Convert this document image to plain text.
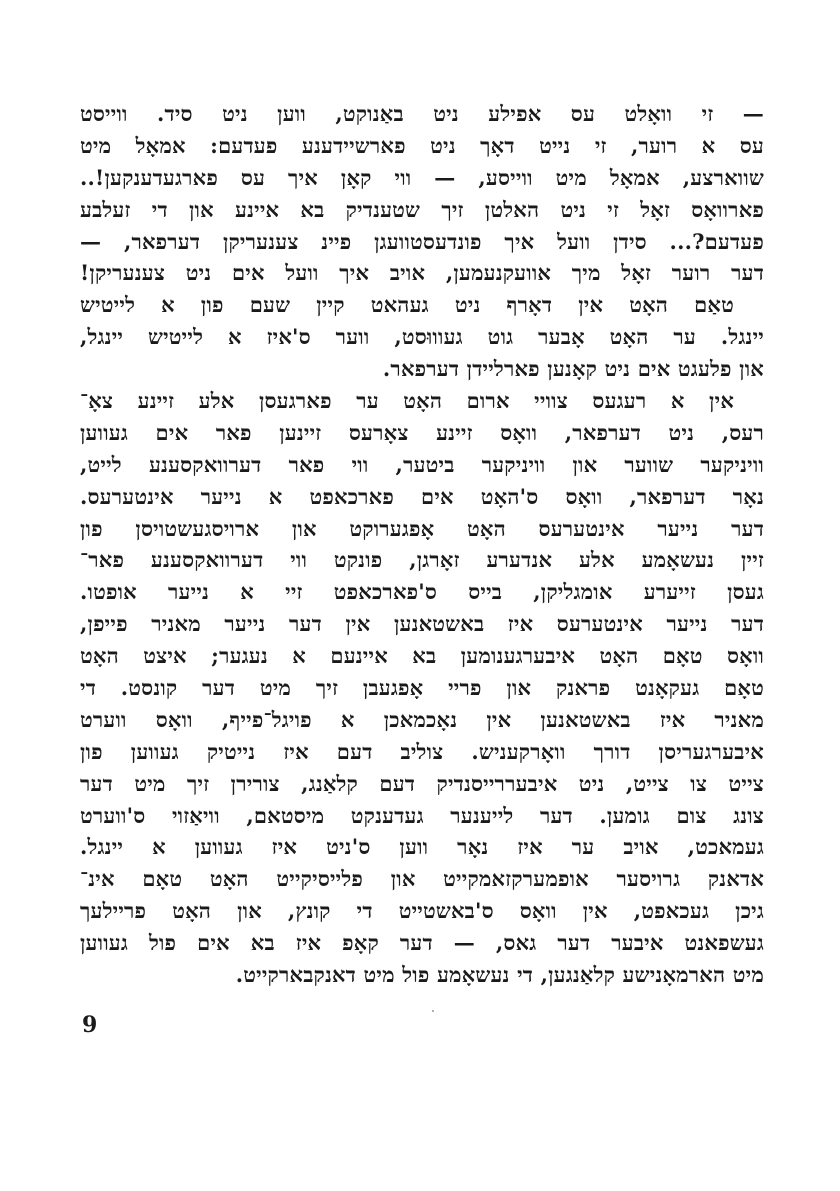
— זי וואָלט עס אפילע ניט באַנוקט, ווען ניט סיד. ווייסט
עס א רוער, זי נייט דאָך ניט פארשיידענע פעדעם: אמאָל מיט
שווארצע, אמאָל מיט ווייסע, — ווי קאָן איך עס פארגעדענקען!..
פארוואָס זאָל זי ניט האלטן זיך שטענדיק בא איינע און די זעלבע
פעדעם?... סידן וועל איך פונדעסטוועגן פיינ צענעריקן דערפאר, —
דער רוער זאָל מיך אוועקנעמען, אויב איך וועל אים ניט צענעריקן!
טאַם האָט אין דאָרף ניט געהאט קיין שעם פון א לייטיש
יינגל. ער האָט אָבער גוט געוווּסט, ווער ס'איז א לייטיש יינגל,
און פלעגט אים ניט קאָנען פארליידן דערפאר.
אין א רעגעס צוויי ארום האָט ער פארגעסן אלע זיינע צאָ־
רעס, ניט דערפאר, וואָס זיינע צאָרעס זיינען פאר אים געווען
וויניקער שווער און וויניקער ביטער, ווי פאר דערוואקסענע לייט,
נאָר דערפאר, וואָס ס'האָט אים פארכאפט א נייער אינטערעס.
דער נייער אינטערעס האָט אָפגערוקט און ארויסגעשטויסן פון
זיין נעשאָמע אלע אנדערע זאָרגן, פונקט ווי דערוואקסענע פאר־
געסן זייערע אומגליקן, בייס ס'פארכאפט זיי א נייער אופטו.
דער נייער אינטערעס איז באשטאנען אין דער נייער מאניר פייפן,
וואָס טאָם האָט איבערגענומען בא איינעם א נעגער; איצט האָט
טאָם געקאָנט פראנק און פריי אָפגעבן זיך מיט דער קונסט. די
מאניר איז באשטאנען אין נאָכמאכן א פויגל־פייף, וואָס ווערט
איבערגעריסן דורך וואָרקעניש. צוליב דעם איז נייטיק געווען פון
צייט צו צייט, ניט איבעררייסנדיק דעם קלאַנג, צורירן זיך מיט דער
צונג צום גומען. דער לייענער געדענקט מיסטאם, וויאַזוי ס'ווערט
געמאכט, אויב ער איז נאָר ווען ס'ניט איז געווען א יינגל.
אדאנק גרויסער אופמערקזאמקייט און פלייסיקייט האָט טאָם אינ־
גיכן געכאפט, אין וואָס ס'באשטייט די קונץ, און האָט פריילעך
געשפאנט איבער דער גאס, — דער קאָפ איז בא אים פול געווען
מיט הארמאָנישע קלאַנגען, די נעשאָמע פול מיט דאנקבארקייט.
9
